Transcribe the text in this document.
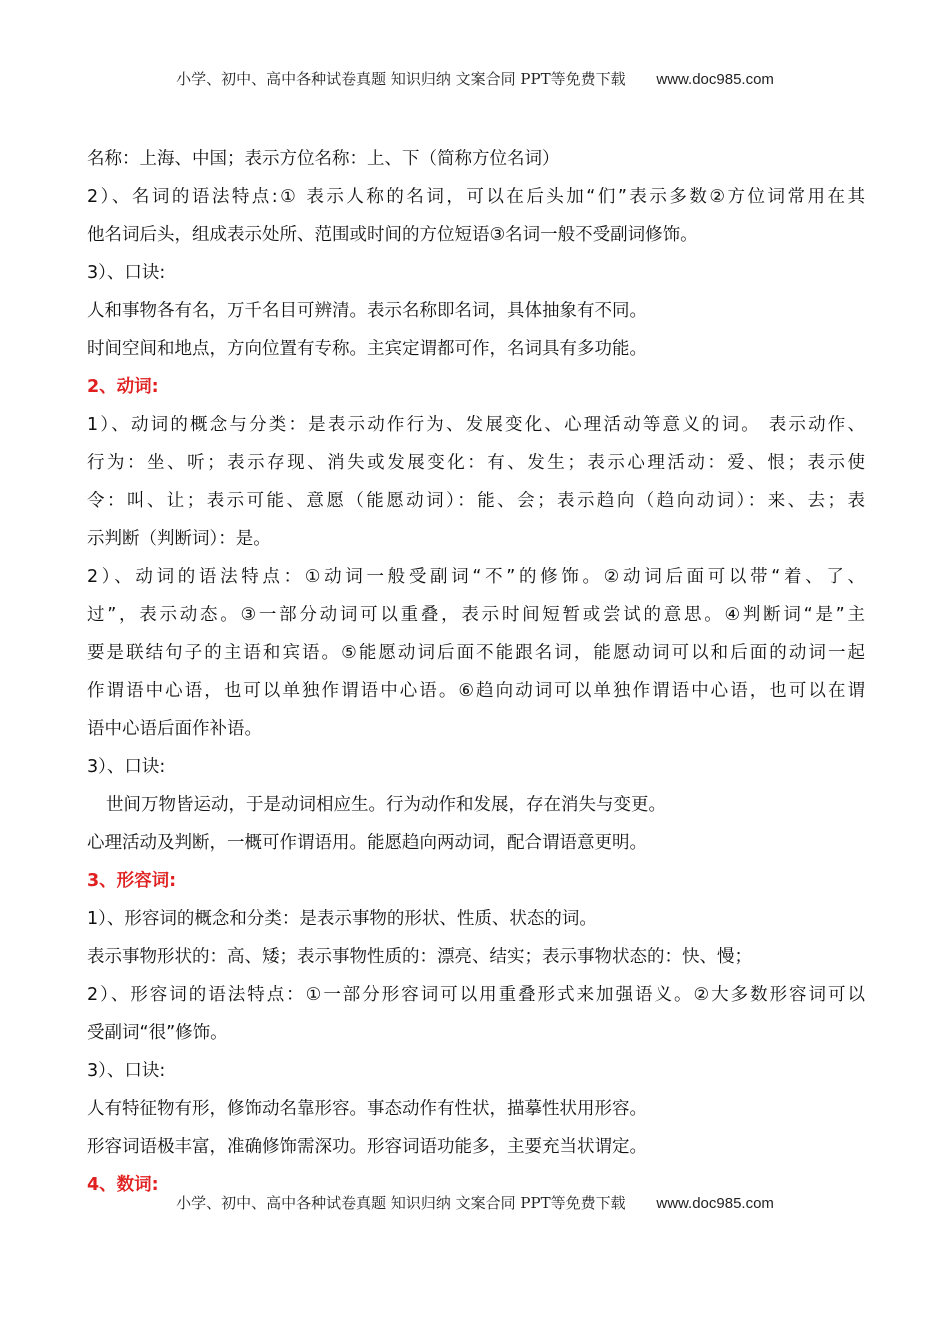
小学、初中、高中各种试卷真题 知识归纳 文案合同 PPT等免费下载 www.doc985.com
名称：上海、中国；表示方位名称：上、下（简称方位名词）
2）、名词的语法特点:① 表示人称的名词，可以在后头加“们”表示多数②方位词常用在其
他名词后头，组成表示处所、范围或时间的方位短语③名词一般不受副词修饰。
3）、口诀:
人和事物各有名，万千名目可辨清。表示名称即名词，具体抽象有不同。
时间空间和地点，方向位置有专称。主宾定谓都可作，名词具有多功能。
2、动词:
1）、动词的概念与分类：是表示动作行为、发展变化、心理活动等意义的词。 表示动作、
行为：坐、听；表示存现、消失或发展变化：有、发生；表示心理活动：爱、恨；表示使
令：叫、让；表示可能、意愿（能愿动词）：能、会；表示趋向（趋向动词）：来、去；表
示判断（判断词）：是。
2）、动词的语法特点：①动词一般受副词“不”的修饰。②动词后面可以带“着、了、
过”，表示动态。③一部分动词可以重叠，表示时间短暂或尝试的意思。④判断词“是”主
要是联结句子的主语和宾语。⑤能愿动词后面不能跟名词，能愿动词可以和后面的动词一起
作谓语中心语，也可以单独作谓语中心语。⑥趋向动词可以单独作谓语中心语，也可以在谓
语中心语后面作补语。
3）、口诀:
世间万物皆运动，于是动词相应生。行为动作和发展，存在消失与变更。
心理活动及判断，一概可作谓语用。能愿趋向两动词，配合谓语意更明。
3、形容词:
1）、形容词的概念和分类：是表示事物的形状、性质、状态的词。
表示事物形状的：高、矮；表示事物性质的：漂亮、结实；表示事物状态的：快、慢；
2）、形容词的语法特点：①一部分形容词可以用重叠形式来加强语义。②大多数形容词可以
受副词“很”修饰。
3）、口诀:
人有特征物有形，修饰动名靠形容。事态动作有性状，描摹性状用形容。
形容词语极丰富，准确修饰需深功。形容词语功能多，主要充当状谓定。
4、数词:
小学、初中、高中各种试卷真题 知识归纳 文案合同 PPT等免费下载 www.doc985.com
